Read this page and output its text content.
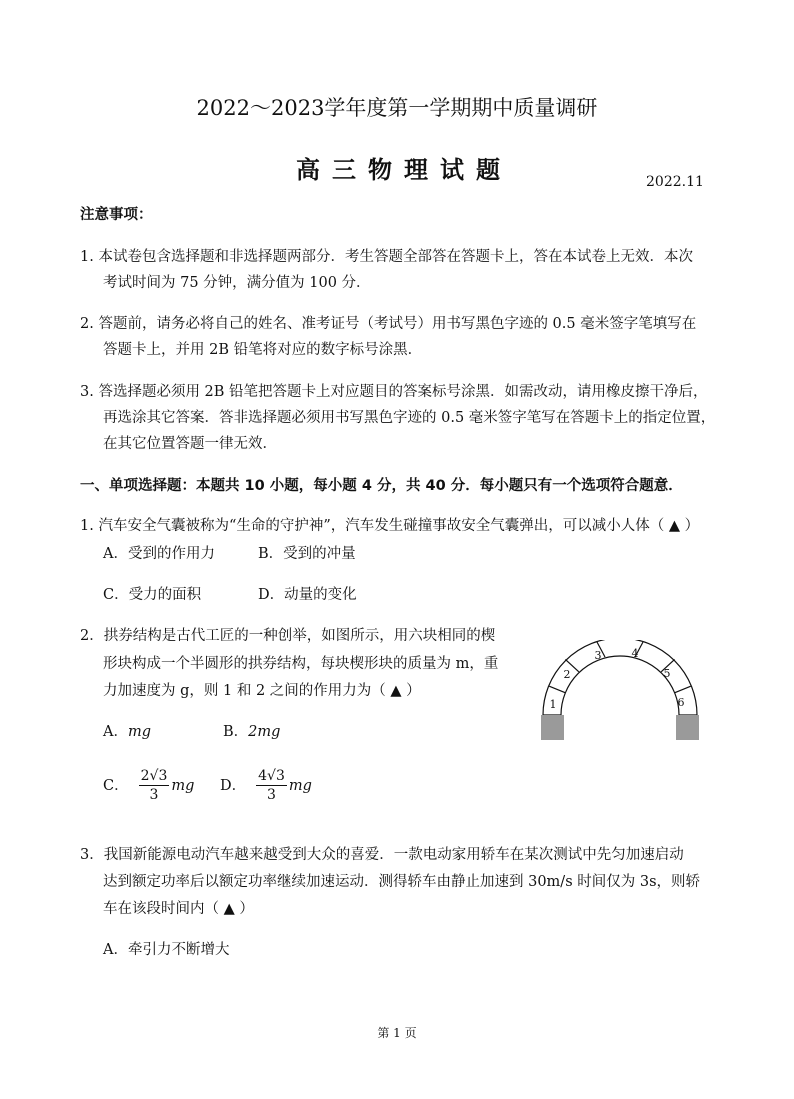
2022～2023学年度第一学期期中质量调研
高三物理试题	2022.11
注意事项：
1. 本试卷包含选择题和非选择题两部分．考生答题全部答在答题卡上，答在本试卷上无效．本次
考试时间为 75 分钟，满分值为 100 分．
2. 答题前，请务必将自己的姓名、准考证号（考试号）用书写黑色字迹的 0.5 毫米签字笔填写在
答题卡上，并用 2B 铅笔将对应的数字标号涂黑．
3. 答选择题必须用 2B 铅笔把答题卡上对应题目的答案标号涂黑．如需改动，请用橡皮擦干净后，
再选涂其它答案．答非选择题必须用书写黑色字迹的 0.5 毫米签字笔写在答题卡上的指定位置，
在其它位置答题一律无效．
一、单项选择题：本题共 10 小题，每小题 4 分，共 40 分．每小题只有一个选项符合题意．
1. 汽车安全气囊被称为“生命的守护神”，汽车发生碰撞事故安全气囊弹出，可以减小人体（ ▲ ）
A．受到的作用力	B．受到的冲量
C．受力的面积	D．动量的变化
2．拱券结构是古代工匠的一种创举，如图所示，用六块相同的楔
形块构成一个半圆形的拱券结构，每块楔形块的质量为 m，重
力加速度为 g，则 1 和 2 之间的作用力为（ ▲ ）
A．mg	B．2mg
C． $\frac{2√3}{3}$ mg D． $\frac{4√3}{3}$ mg
1
2
3	4
5
6
3．我国新能源电动汽车越来越受到大众的喜爱．一款电动家用轿车在某次测试中先匀加速启动
达到额定功率后以额定功率继续加速运动．测得轿车由静止加速到 30m/s 时间仅为 3s，则轿
车在该段时间内（ ▲ ）
A．牵引力不断增大
第 1 页
